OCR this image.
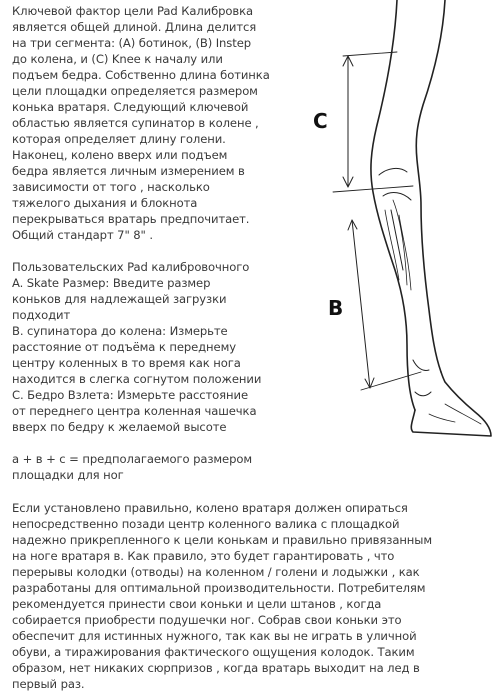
Ключевой фактор цели Pad Калибровка

является общей длиной. Длина делится

на три сегмента: (A) ботинок, (B) Instep

до колена, и (C) Knee к началу или

подъем бедра. Собственно длина ботинка

цели площадки определяется размером

конька вратаря. Следующий ключевой

областью является супинатор в колене ,

которая определяет длину голени.

Наконец, колено вверх или подъем

бедра является личным измерением в

зависимости от того , насколько

тяжелого дыхания и блокнота

перекрываться вратарь предпочитает.

Общий стандарт 7" 8" .

Пользовательских Pad калибровочного

A. Skate Размер: Введите размер

коньков для надлежащей загрузки

подходит

B. супинатора до колена: Измерьте

расстояние от подъёма к переднему

центру коленных в то время как нога

находится в слегка согнутом положении

C. Бедро Взлета: Измерьте расстояние

от переднего центра коленная чашечка

вверх по бедру к желаемой высоте

a + в + c = предполагаемого размером

площадки для ног

Если установлено правильно, колено вратаря должен опираться

непосредственно позади центр коленного валика с площадкой

надежно прикрепленного к цели конькам и правильно привязанным

на ноге вратаря в. Как правило, это будет гарантировать , что

перерывы колодки (отводы) на коленном / голени и лодыжки , как

разработаны для оптимальной производительности. Потребителям

рекомендуется принести свои коньки и цели штанов , когда

собирается приобрести подушечки ног. Собрав свои коньки это

обеспечит для истинных нужного, так как вы не играть в уличной

обуви, а тиражирования фактического ощущения колодок. Таким

образом, нет никаких сюрпризов , когда вратарь выходит на лед в

первый раз.

C
B
